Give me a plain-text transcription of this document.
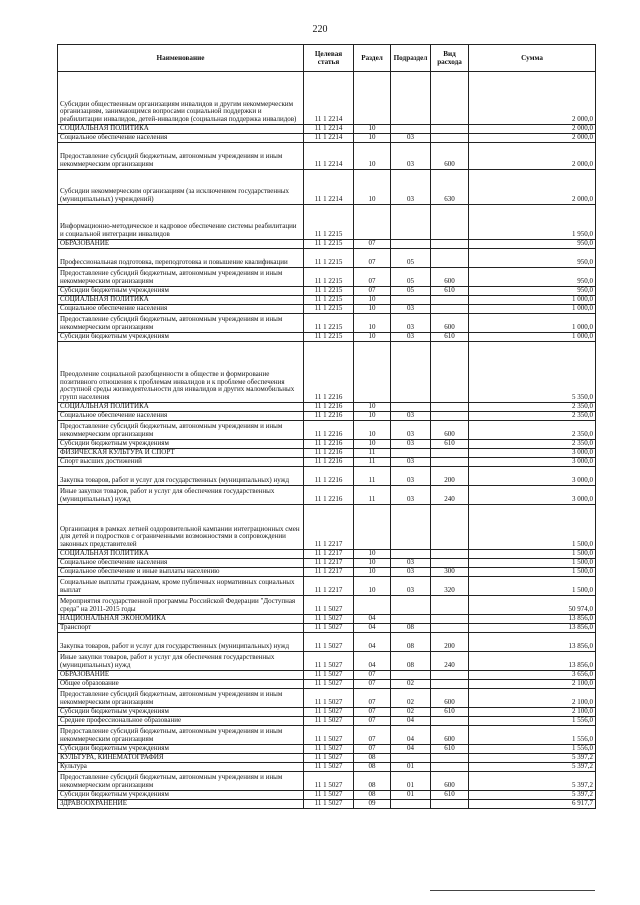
220
Наименование	Целевая статья	Раздел	Подраздел	Вид расхода	Сумма
Субсидии общественным организациям инвалидов и другим некоммерческим организациям, занимающимся вопросами социальной поддержки и реабилитации инвалидов, детей-инвалидов (социальная поддержка инвалидов)	11 1 2214				2 000,0
СОЦИАЛЬНАЯ ПОЛИТИКА	11 1 2214	10			2 000,0
Социальное обеспечение населения	11 1 2214	10	03		2 000,0
Предоставление субсидий бюджетным, автономным учреждениям и иным некоммерческим организациям	11 1 2214	10	03	600	2 000,0
Субсидии некоммерческим организациям (за исключением государственных (муниципальных) учреждений)	11 1 2214	10	03	630	2 000,0
Информационно-методическое и кадровое обеспечение системы реабилитации и социальной интеграции инвалидов	11 1 2215				1 950,0
ОБРАЗОВАНИЕ	11 1 2215	07			950,0
Профессиональная подготовка, переподготовка и повышение квалификации	11 1 2215	07	05		950,0
Предоставление субсидий бюджетным, автономным учреждениям и иным некоммерческим организациям	11 1 2215	07	05	600	950,0
Субсидии бюджетным учреждениям	11 1 2215	07	05	610	950,0
СОЦИАЛЬНАЯ ПОЛИТИКА	11 1 2215	10			1 000,0
Социальное обеспечение населения	11 1 2215	10	03		1 000,0
Предоставление субсидий бюджетным, автономным учреждениям и иным некоммерческим организациям	11 1 2215	10	03	600	1 000,0
Субсидии бюджетным учреждениям	11 1 2215	10	03	610	1 000,0
Преодоление социальной разобщенности в обществе и формирование позитивного отношения к проблемам инвалидов и к проблеме обеспечения доступной среды жизнедеятельности для инвалидов и других маломобильных групп населения	11 1 2216				5 350,0
СОЦИАЛЬНАЯ ПОЛИТИКА	11 1 2216	10			2 350,0
Социальное обеспечение населения	11 1 2216	10	03		2 350,0
Предоставление субсидий бюджетным, автономным учреждениям и иным некоммерческим организациям	11 1 2216	10	03	600	2 350,0
Субсидии бюджетным учреждениям	11 1 2216	10	03	610	2 350,0
ФИЗИЧЕСКАЯ КУЛЬТУРА И СПОРТ	11 1 2216	11			3 000,0
Спорт высших достижений	11 1 2216	11	03		3 000,0
Закупка товаров, работ и услуг для государственных (муниципальных) нужд	11 1 2216	11	03	200	3 000,0
Иные закупки товаров, работ и услуг для обеспечения государственных (муниципальных) нужд	11 1 2216	11	03	240	3 000,0
Организация в рамках летней оздоровительной кампании интеграционных смен для детей и подростков с ограниченными возможностями в сопровождении законных представителей	11 1 2217				1 500,0
СОЦИАЛЬНАЯ ПОЛИТИКА	11 1 2217	10			1 500,0
Социальное обеспечение населения	11 1 2217	10	03		1 500,0
Социальное обеспечение и иные выплаты населению	11 1 2217	10	03	300	1 500,0
Социальные выплаты гражданам, кроме публичных нормативных социальных выплат	11 1 2217	10	03	320	1 500,0
Мероприятия государственной программы Российской Федерации "Доступная среда" на 2011-2015 годы	11 1 5027				50 974,0
НАЦИОНАЛЬНАЯ ЭКОНОМИКА	11 1 5027	04			13 856,0
Транспорт	11 1 5027	04	08		13 856,0
Закупка товаров, работ и услуг для государственных (муниципальных) нужд	11 1 5027	04	08	200	13 856,0
Иные закупки товаров, работ и услуг для обеспечения государственных (муниципальных) нужд	11 1 5027	04	08	240	13 856,0
ОБРАЗОВАНИЕ	11 1 5027	07			3 656,0
Общее образование	11 1 5027	07	02		2 100,0
Предоставление субсидий бюджетным, автономным учреждениям и иным некоммерческим организациям	11 1 5027	07	02	600	2 100,0
Субсидии бюджетным учреждениям	11 1 5027	07	02	610	2 100,0
Среднее профессиональное образование	11 1 5027	07	04		1 556,0
Предоставление субсидий бюджетным, автономным учреждениям и иным некоммерческим организациям	11 1 5027	07	04	600	1 556,0
Субсидии бюджетным учреждениям	11 1 5027	07	04	610	1 556,0
КУЛЬТУРА, КИНЕМАТОГРАФИЯ	11 1 5027	08			5 397,2
Культура	11 1 5027	08	01		5 397,2
Предоставление субсидий бюджетным, автономным учреждениям и иным некоммерческим организациям	11 1 5027	08	01	600	5 397,2
Субсидии бюджетным учреждениям	11 1 5027	08	01	610	5 397,2
ЗДРАВООХРАНЕНИЕ	11 1 5027	09			6 917,7
